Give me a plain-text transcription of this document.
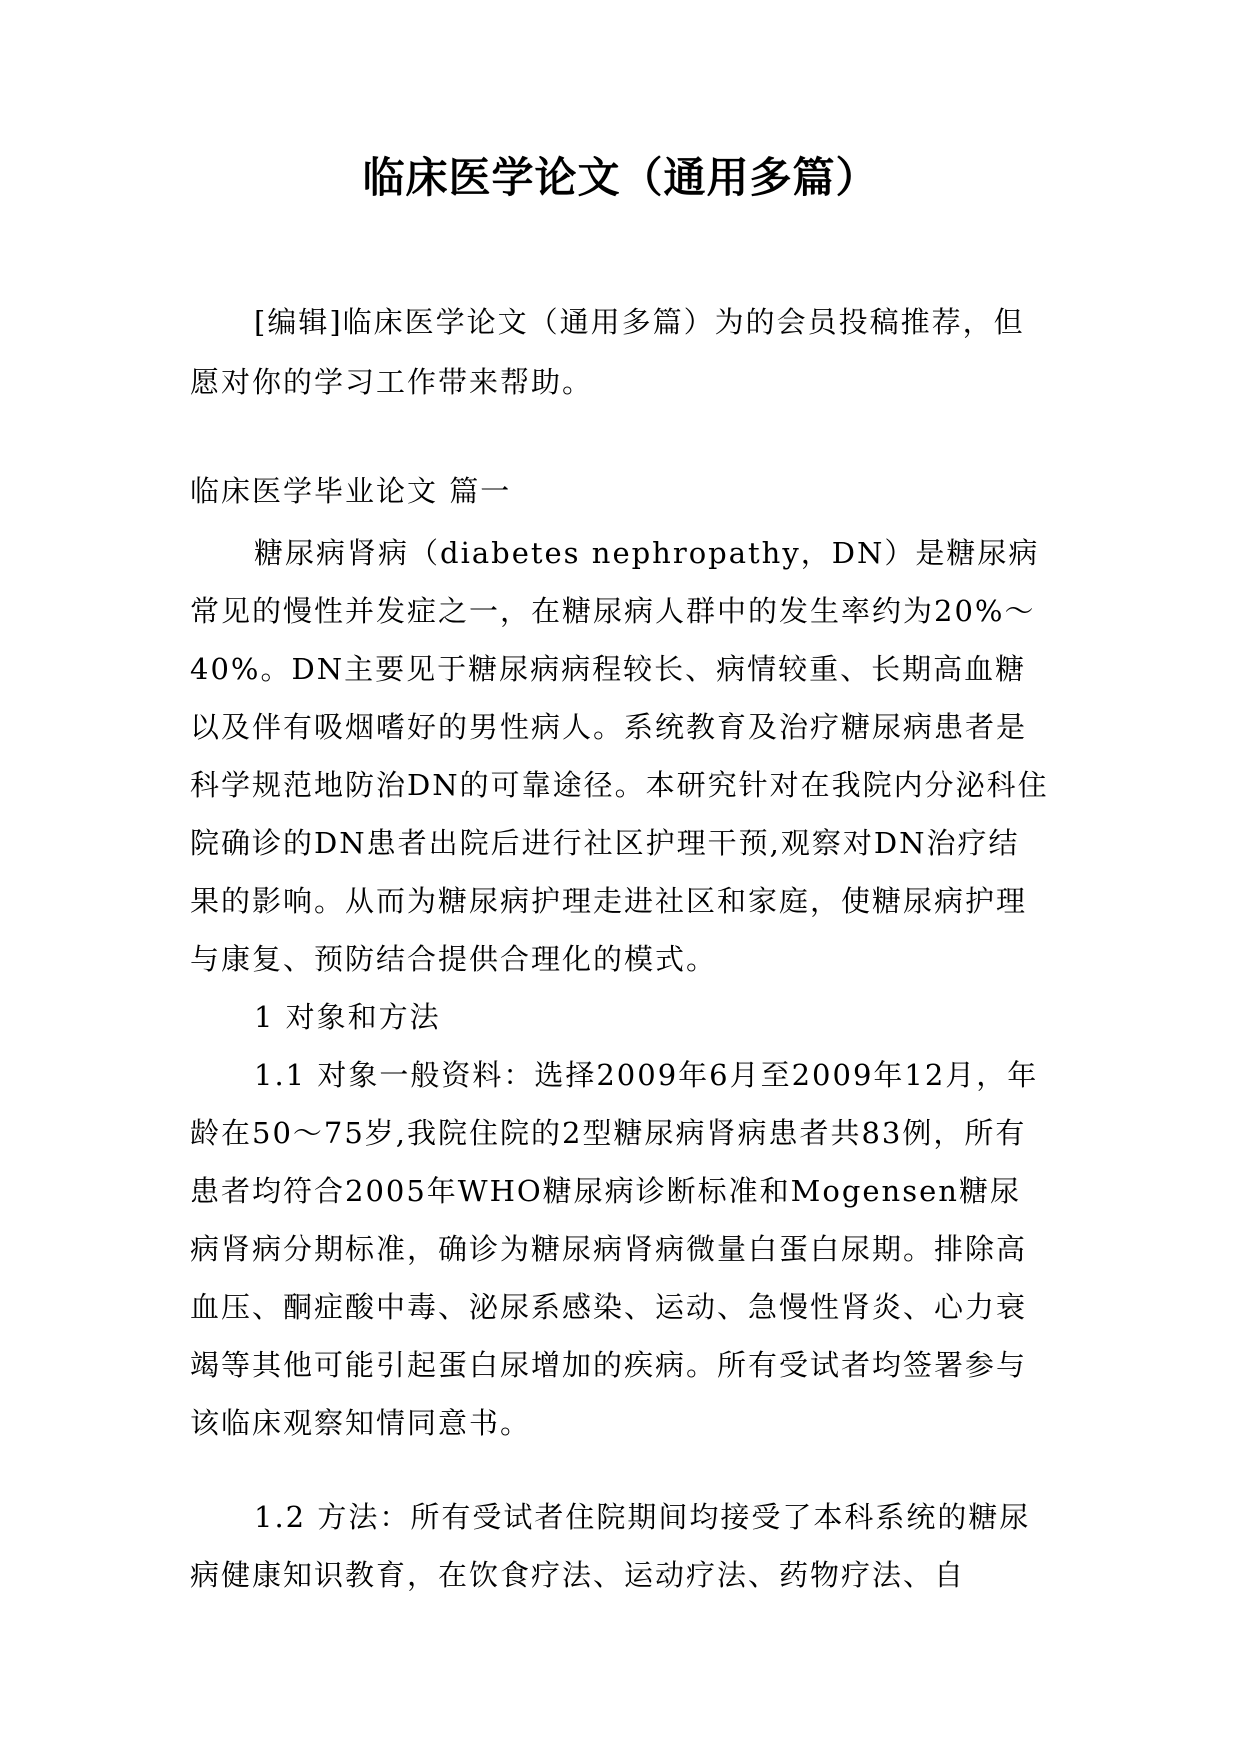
临床医学论文（通用多篇）

[编辑]临床医学论文（通用多篇）为的会员投稿推荐，但愿对你的学习工作带来帮助。

临床医学毕业论文 篇一

糖尿病肾病（diabetes nephropathy，DN）是糖尿病常见的慢性并发症之一，在糖尿病人群中的发生率约为20%～40%。DN主要见于糖尿病病程较长、病情较重、长期高血糖以及伴有吸烟嗜好的男性病人。系统教育及治疗糖尿病患者是科学规范地防治DN的可靠途径。本研究针对在我院内分泌科住院确诊的DN患者出院后进行社区护理干预,观察对DN治疗结果的影响。从而为糖尿病护理走进社区和家庭，使糖尿病护理与康复、预防结合提供合理化的模式。

1 对象和方法

1.1 对象一般资料：选择2009年6月至2009年12月，年龄在50～75岁,我院住院的2型糖尿病肾病患者共83例，所有患者均符合2005年WHO糖尿病诊断标准和Mogensen糖尿病肾病分期标准，确诊为糖尿病肾病微量白蛋白尿期。排除高血压、酮症酸中毒、泌尿系感染、运动、急慢性肾炎、心力衰竭等其他可能引起蛋白尿增加的疾病。所有受试者均签署参与该临床观察知情同意书。

1.2 方法：所有受试者住院期间均接受了本科系统的糖尿病健康知识教育，在饮食疗法、运动疗法、药物疗法、自
